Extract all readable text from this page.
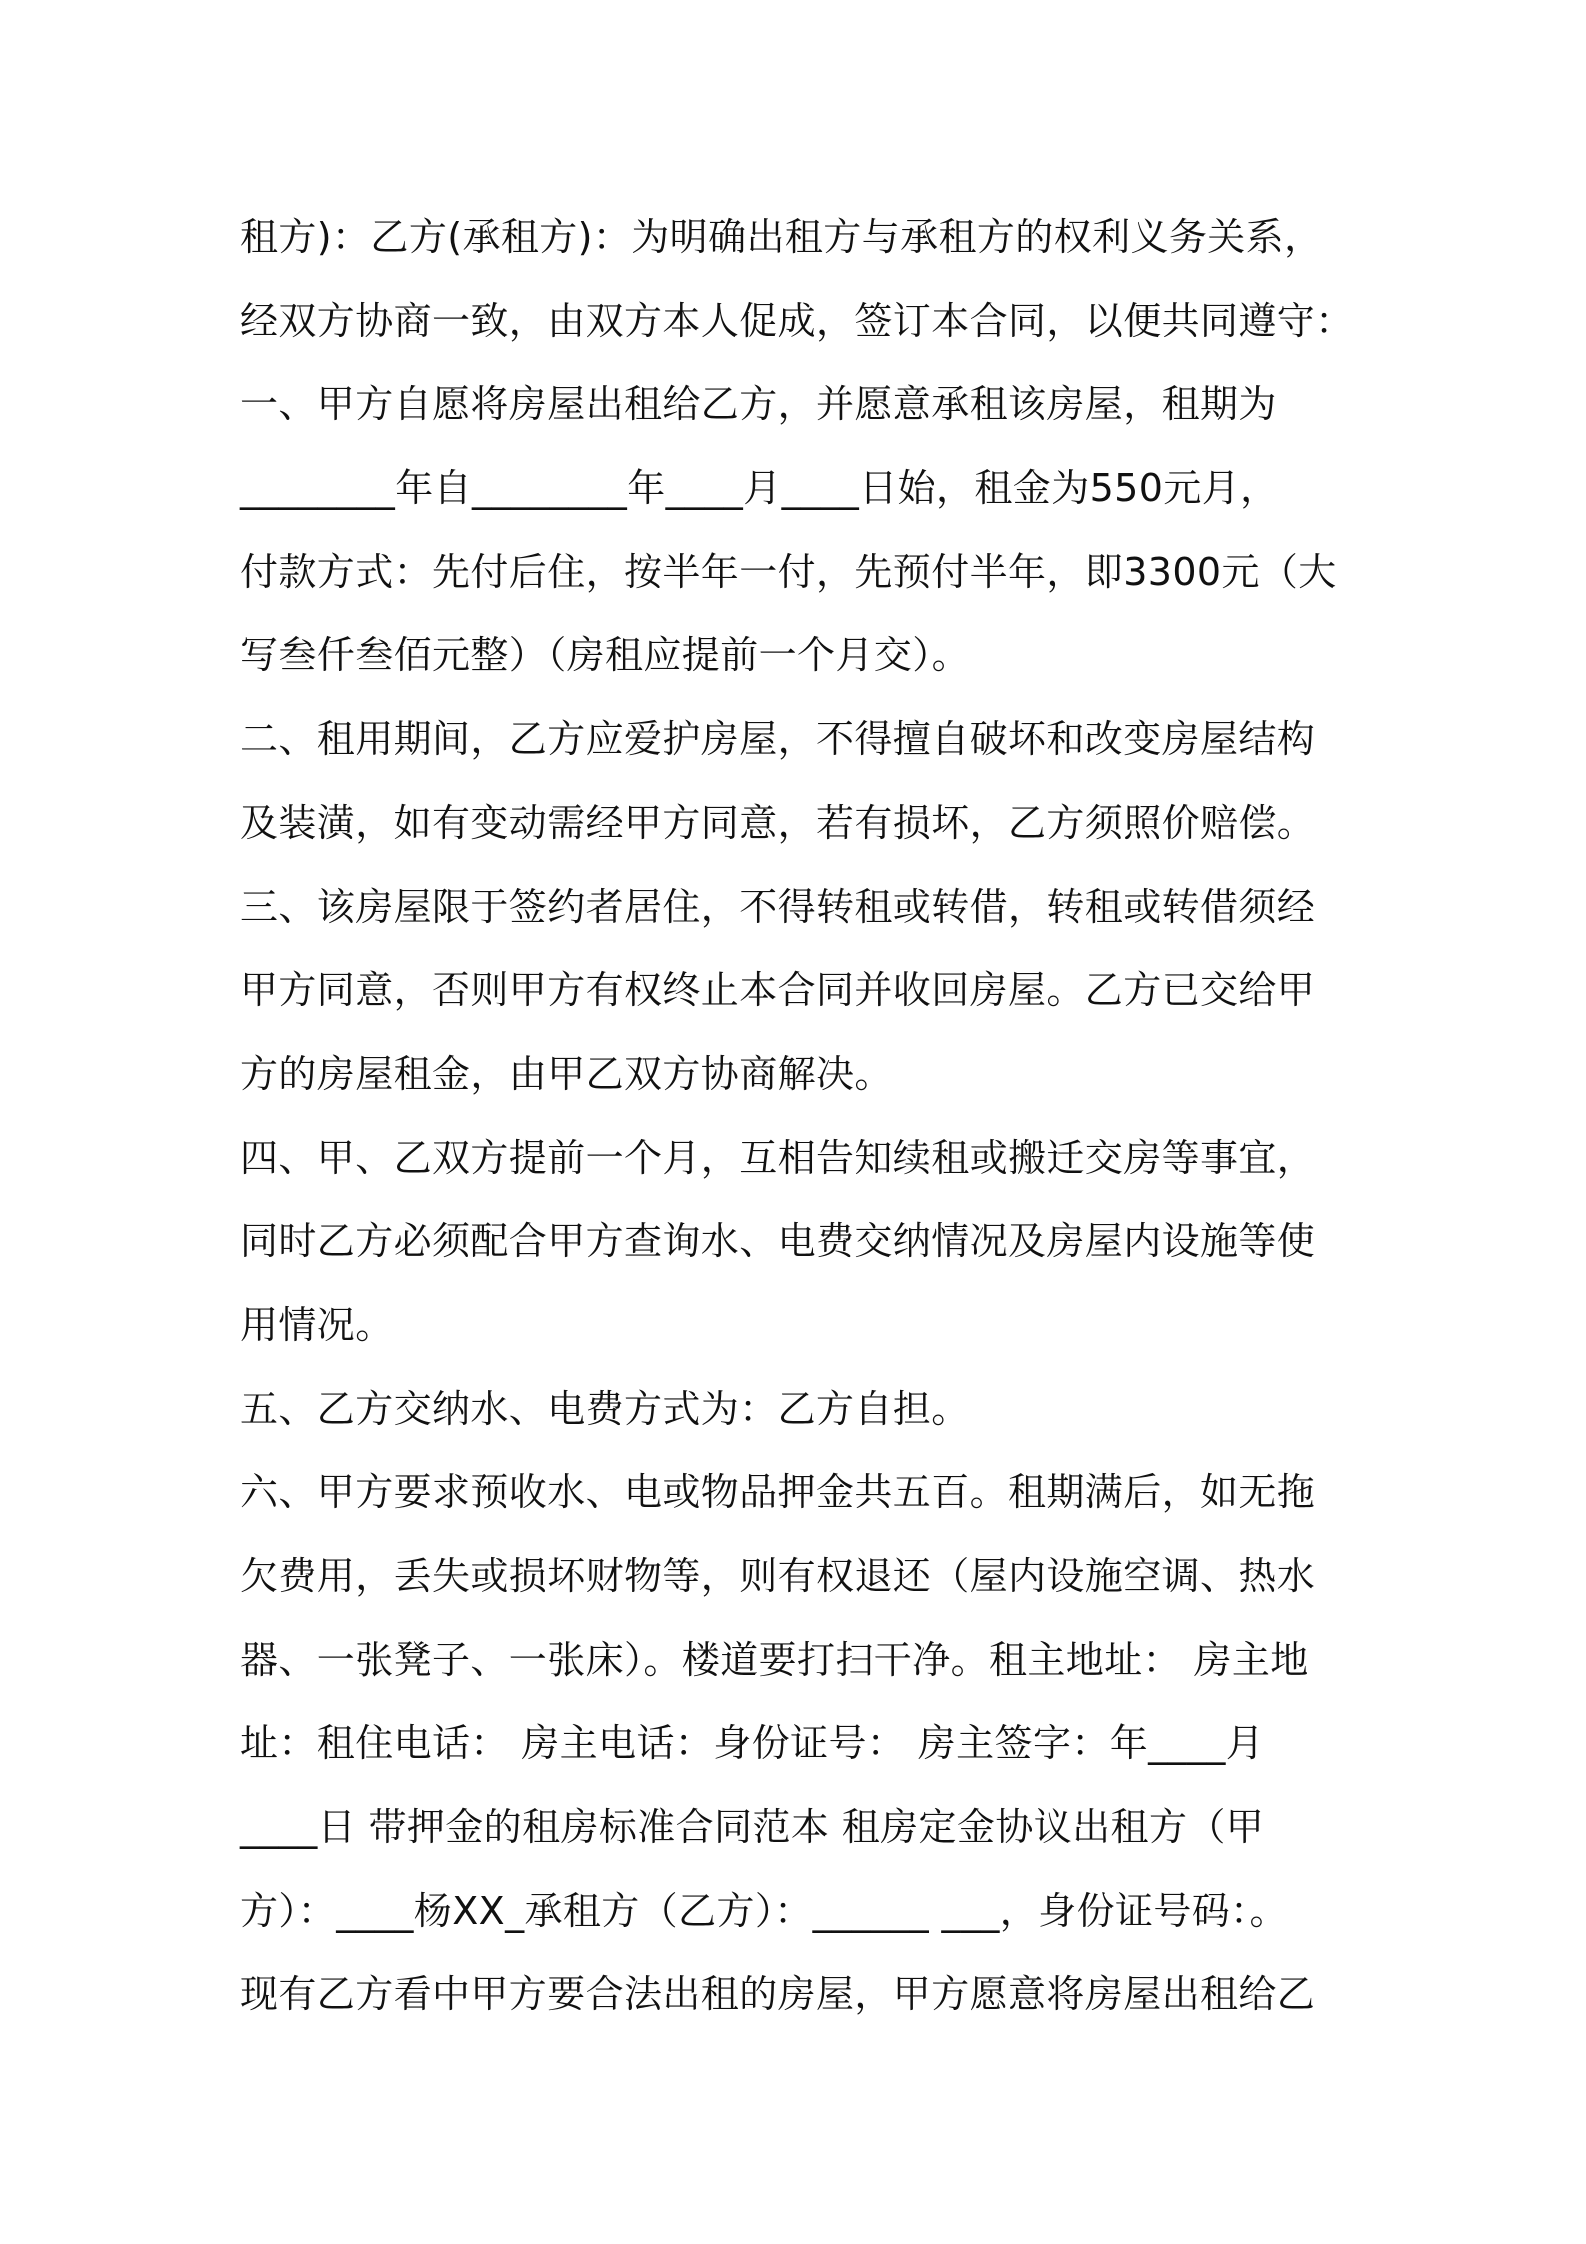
租方)：乙方(承租方)：为明确出租方与承租方的权利义务关系，
经双方协商一致，由双方本人促成，签订本合同，以便共同遵守：
一、甲方自愿将房屋出租给乙方，并愿意承租该房屋，租期为
________年自________年____月____日始，租金为550元月，
付款方式：先付后住，按半年一付，先预付半年，即3300元（大
写叁仟叁佰元整）（房租应提前一个月交）。
二、租用期间，乙方应爱护房屋，不得擅自破坏和改变房屋结构
及装潢，如有变动需经甲方同意，若有损坏，乙方须照价赔偿。
三、该房屋限于签约者居住，不得转租或转借，转租或转借须经
甲方同意，否则甲方有权终止本合同并收回房屋。乙方已交给甲
方的房屋租金，由甲乙双方协商解决。
四、甲、乙双方提前一个月，互相告知续租或搬迁交房等事宜，
同时乙方必须配合甲方查询水、电费交纳情况及房屋内设施等使
用情况。
五、乙方交纳水、电费方式为：乙方自担。
六、甲方要求预收水、电或物品押金共五百。租期满后，如无拖
欠费用，丢失或损坏财物等，则有权退还（屋内设施空调、热水
器、一张凳子、一张床）。楼道要打扫干净。租主地址： 房主地
址：租住电话： 房主电话：身份证号： 房主签字：年____月
____日 带押金的租房标准合同范本 租房定金协议出租方（甲
方）：____杨XX_承租方（乙方）：______ ___，身份证号码：。
现有乙方看中甲方要合法出租的房屋，甲方愿意将房屋出租给乙
